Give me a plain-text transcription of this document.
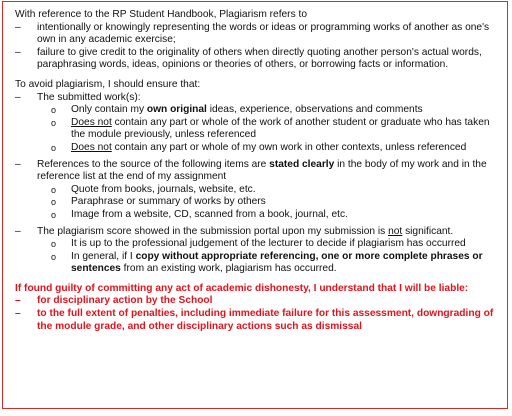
With reference to the RP Student Handbook, Plagiarism refers to

– intentionally or knowingly representing the words or ideas or programming works of another as one's own in any academic exercise;
– failure to give credit to the originality of others when directly quoting another person's actual words, paraphrasing words, ideas, opinions or theories of others, or borrowing facts or information.

To avoid plagiarism, I should ensure that:

– The submitted work(s):
o Only contain my own original ideas, experience, observations and comments
o Does not contain any part or whole of the work of another student or graduate who has taken the module previously, unless referenced
o Does not contain any part or whole of my own work in other contexts, unless referenced
– References to the source of the following items are stated clearly in the body of my work and in the reference list at the end of my assignment
o Quote from books, journals, website, etc.
o Paraphrase or summary of works by others
o Image from a website, CD, scanned from a book, journal, etc.
– The plagiarism score showed in the submission portal upon my submission is not significant.
o It is up to the professional judgement of the lecturer to decide if plagiarism has occurred
o In general, if I copy without appropriate referencing, one or more complete phrases or sentences from an existing work, plagiarism has occurred.

If found guilty of committing any act of academic dishonesty, I understand that I will be liable:

– for disciplinary action by the School
– to the full extent of penalties, including immediate failure for this assessment, downgrading of the module grade, and other disciplinary actions such as dismissal
